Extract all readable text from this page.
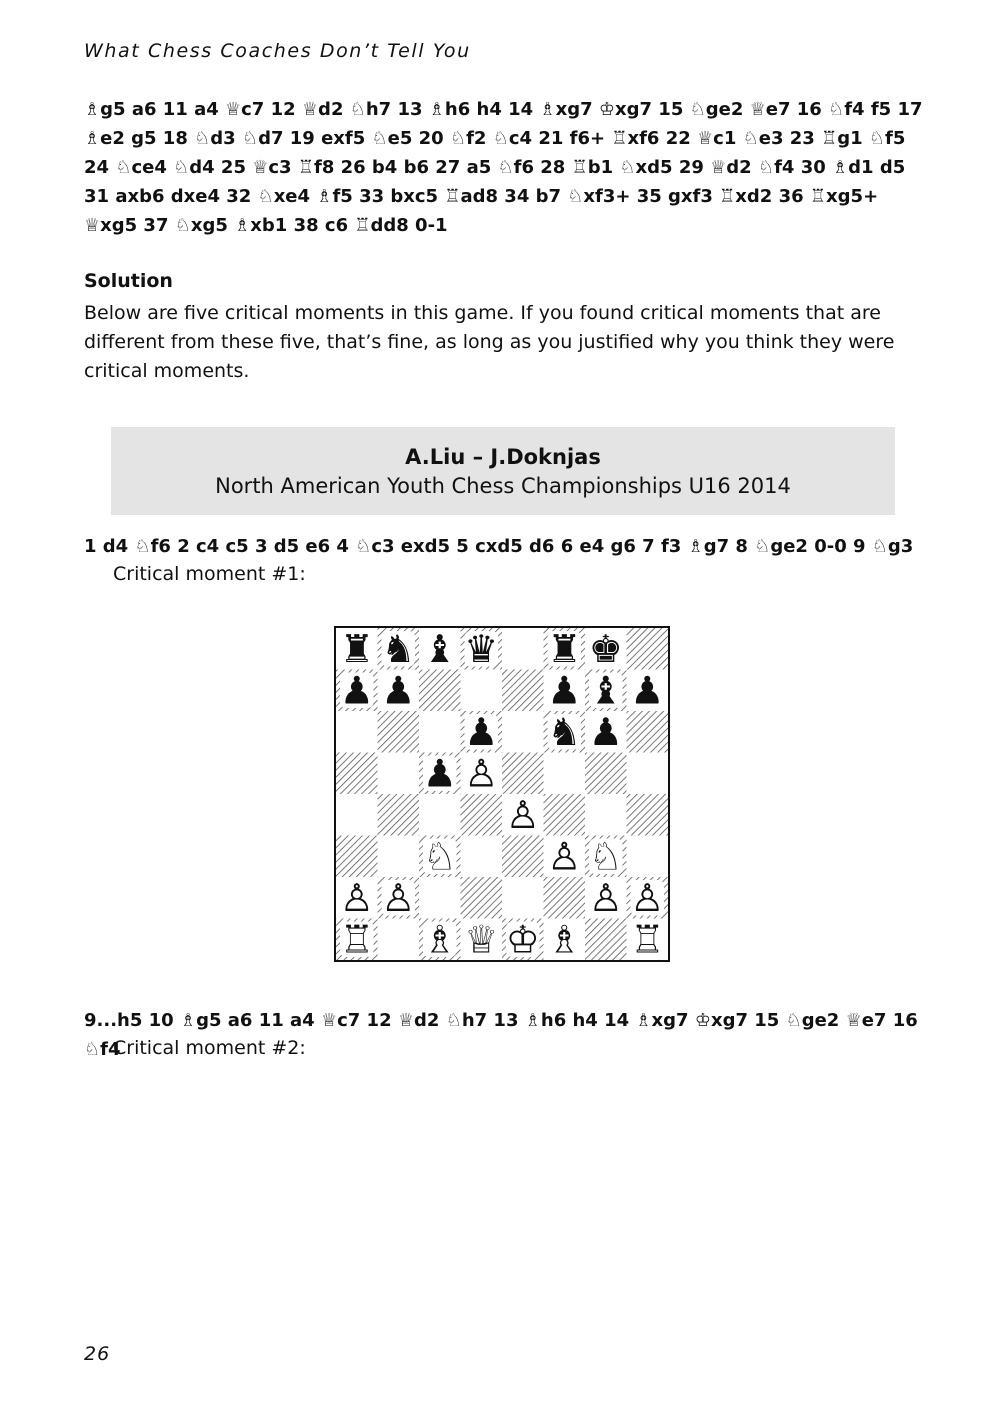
What Chess Coaches Don’t Tell You
♗g5 a6 11 a4 ♕c7 12 ♕d2 ♘h7 13 ♗h6 h4 14 ♗xg7 ♔xg7 15 ♘ge2 ♕e7 16 ♘f4 f5 17 ♗e2 g5 18 ♘d3 ♘d7 19 exf5 ♘e5 20 ♘f2 ♘c4 21 f6+ ♖xf6 22 ♕c1 ♘e3 23 ♖g1 ♘f5 24 ♘ce4 ♘d4 25 ♕c3 ♖f8 26 b4 b6 27 a5 ♘f6 28 ♖b1 ♘xd5 29 ♕d2 ♘f4 30 ♗d1 d5 31 axb6 dxe4 32 ♘xe4 ♗f5 33 bxc5 ♖ad8 34 b7 ♘xf3+ 35 gxf3 ♖xd2 36 ♖xg5+ ♕xg5 37 ♘xg5 ♗xb1 38 c6 ♖dd8 0-1
Solution
Below are five critical moments in this game. If you found critical moments that are different from these five, that’s fine, as long as you justified why you think they were critical moments.
A.Liu – J.Doknjas
North American Youth Chess Championships U16 2014
1 d4 ♘f6 2 c4 c5 3 d5 e6 4 ♘c3 exd5 5 cxd5 d6 6 e4 g6 7 f3 ♗g7 8 ♘ge2 0-0 9 ♘g3
Critical moment #1:
♜ ♞ ♝ ♛ ♜ ♚
♟ ♟	♟ ♝ ♟
♟ ♞ ♟
♟ ♙
♙
♘ ♙ ♘
♙ ♙	♙ ♙
♖ ♗ ♕ ♔ ♗ ♖
9...h5 10 ♗g5 a6 11 a4 ♕c7 12 ♕d2 ♘h7 13 ♗h6 h4 14 ♗xg7 ♔xg7 15 ♘ge2 ♕e7 16 ♘f4
Critical moment #2:
26
